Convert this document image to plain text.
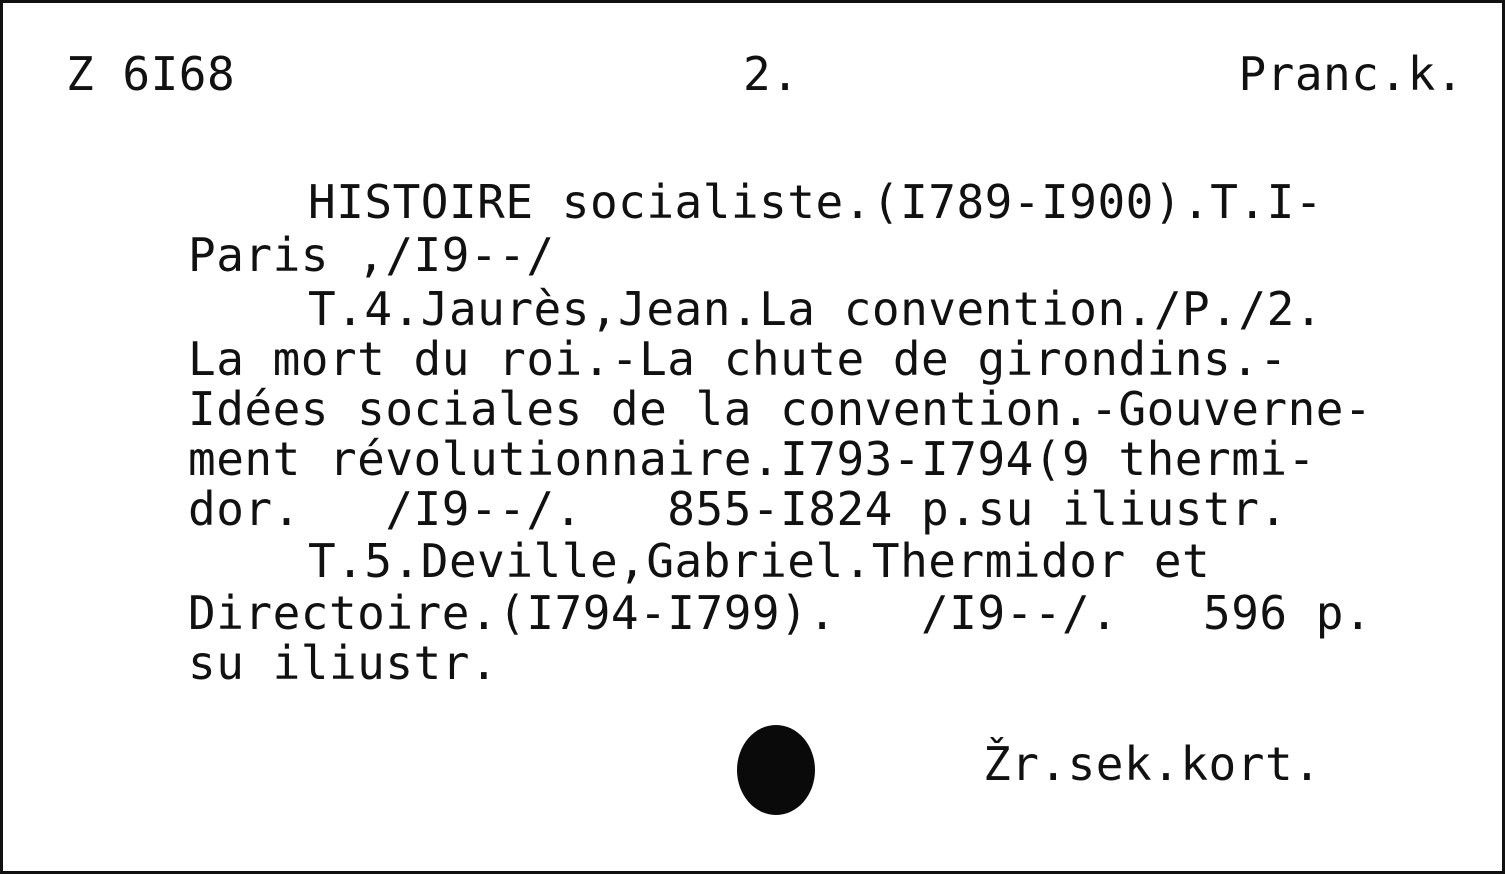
Z 6I68	2.	Pranc.k.
HISTOIRE socialiste.(I789-I900).T.I-
Paris ,/I9--/
T.4.Jaurès,Jean.La convention./P./2.
La mort du roi.-La chute de girondins.-
Idées sociales de la convention.-Gouverne-
ment révolutionnaire.I793-I794(9 thermi-
dor.   /I9--/.   855-I824 p.su iliustr.
T.5.Deville,Gabriel.Thermidor et
Directoire.(I794-I799).   /I9--/.   596 p.
su iliustr.
Žr.sek.kort.
